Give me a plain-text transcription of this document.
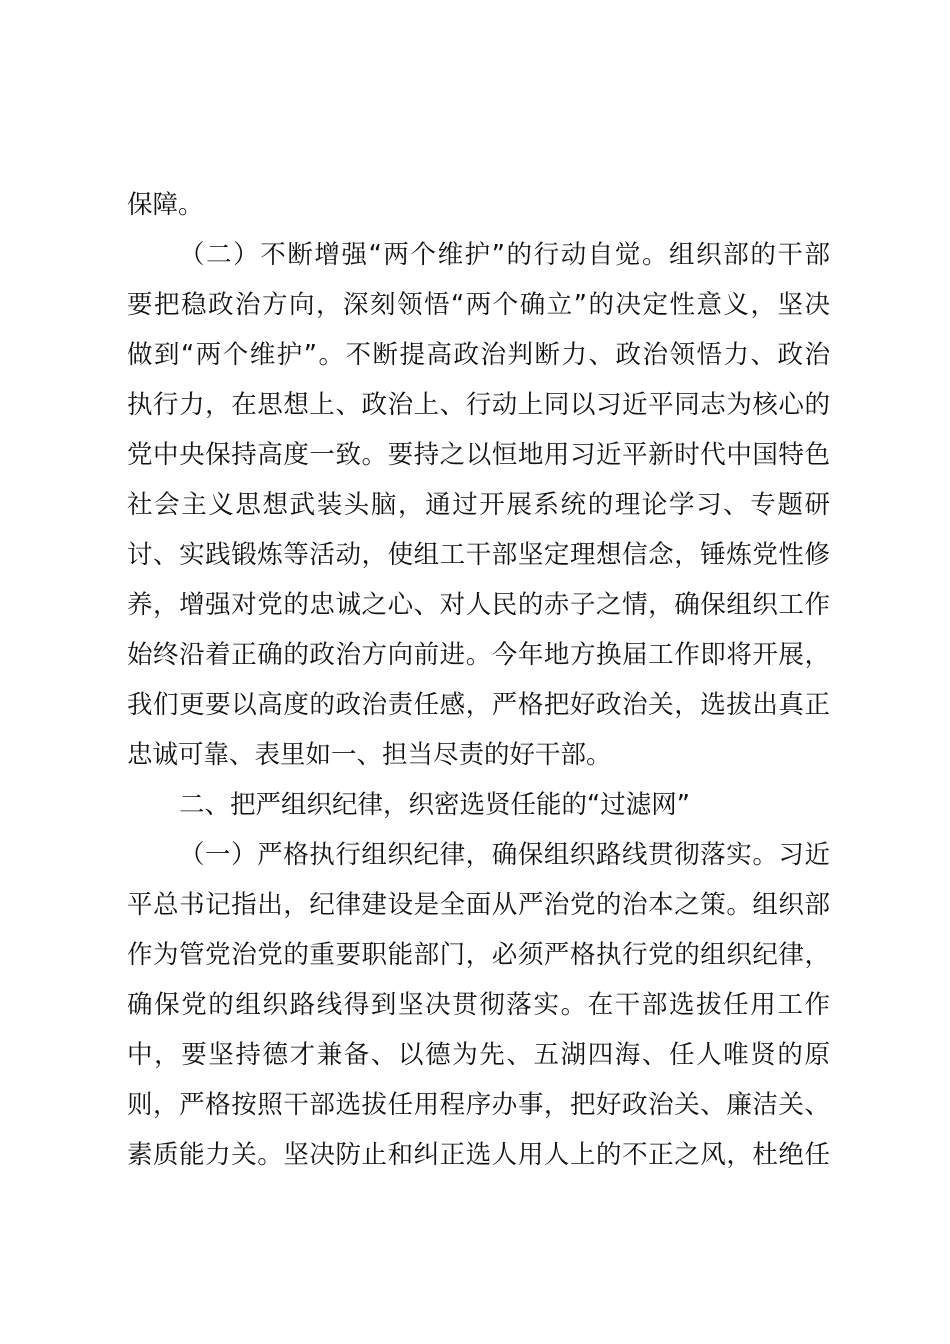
保障。
（二）不断增强“两个维护”的行动自觉。组织部的干部
要把稳政治方向，深刻领悟“两个确立”的决定性意义，坚决
做到“两个维护”。不断提高政治判断力、政治领悟力、政治
执行力，在思想上、政治上、行动上同以习近平同志为核心的
党中央保持高度一致。要持之以恒地用习近平新时代中国特色
社会主义思想武装头脑，通过开展系统的理论学习、专题研
讨、实践锻炼等活动，使组工干部坚定理想信念，锤炼党性修
养，增强对党的忠诚之心、对人民的赤子之情，确保组织工作
始终沿着正确的政治方向前进。今年地方换届工作即将开展，
我们更要以高度的政治责任感，严格把好政治关，选拔出真正
忠诚可靠、表里如一、担当尽责的好干部。
二、把严组织纪律，织密选贤任能的“过滤网”
（一）严格执行组织纪律，确保组织路线贯彻落实。习近
平总书记指出，纪律建设是全面从严治党的治本之策。组织部
作为管党治党的重要职能部门，必须严格执行党的组织纪律，
确保党的组织路线得到坚决贯彻落实。在干部选拔任用工作
中，要坚持德才兼备、以德为先、五湖四海、任人唯贤的原
则，严格按照干部选拔任用程序办事，把好政治关、廉洁关、
素质能力关。坚决防止和纠正选人用人上的不正之风，杜绝任
